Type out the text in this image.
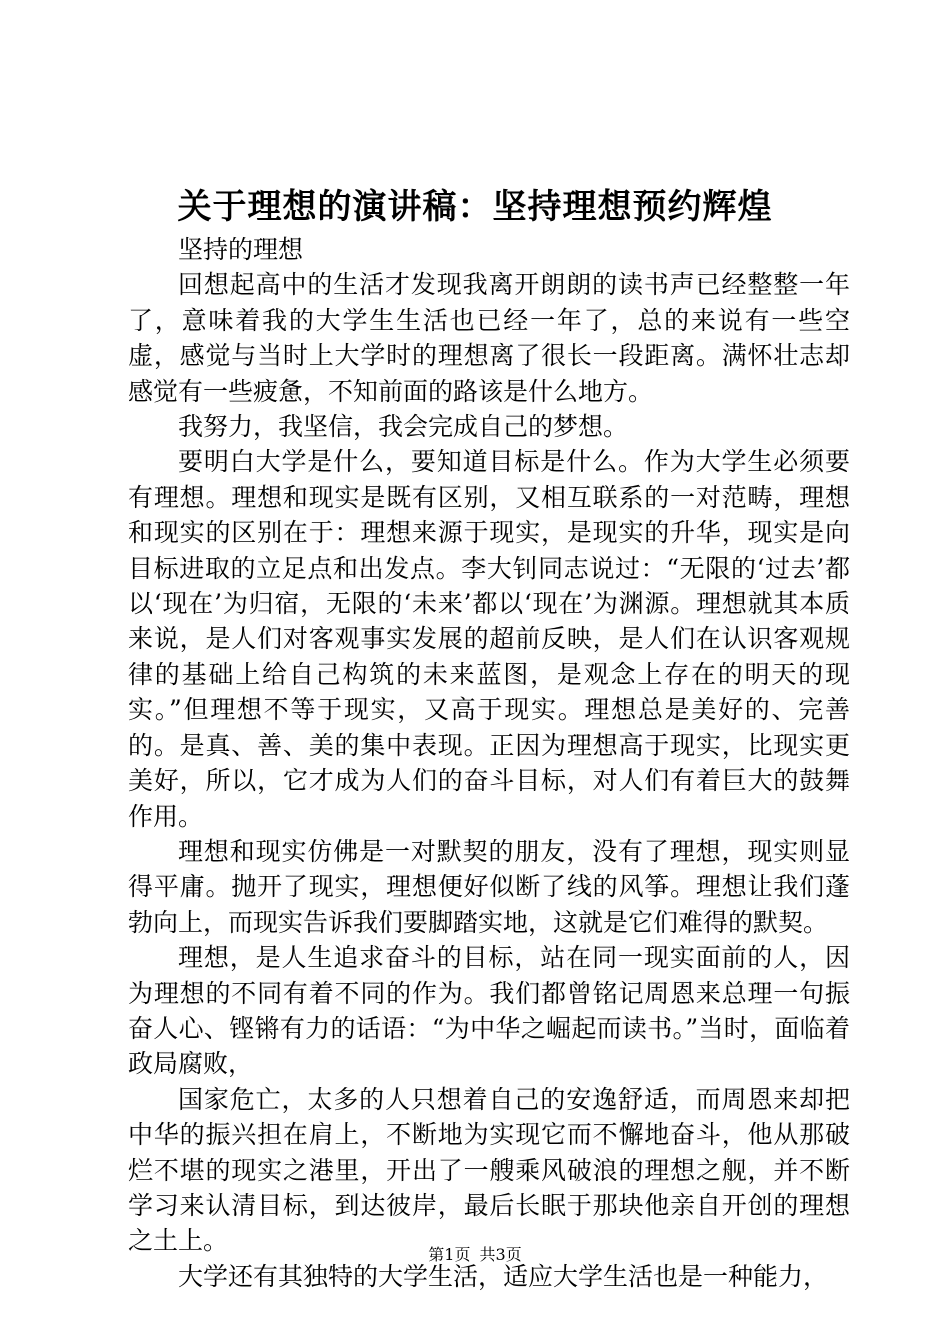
关于理想的演讲稿：坚持理想预约辉煌

坚持的理想

回想起高中的生活才发现我离开朗朗的读书声已经整整一年了，意味着我的大学生生活也已经一年了，总的来说有一些空虚，感觉与当时上大学时的理想离了很长一段距离。满怀壮志却感觉有一些疲惫，不知前面的路该是什么地方。

我努力，我坚信，我会完成自己的梦想。

要明白大学是什么，要知道目标是什么。作为大学生必须要有理想。理想和现实是既有区别，又相互联系的一对范畴，理想和现实的区别在于：理想来源于现实，是现实的升华，现实是向目标进取的立足点和出发点。李大钊同志说过：“无限的‘过去’都以‘现在’为归宿，无限的‘未来’都以‘现在’为渊源。理想就其本质来说，是人们对客观事实发展的超前反映，是人们在认识客观规律的基础上给自己构筑的未来蓝图，是观念上存在的明天的现实。”但理想不等于现实，又高于现实。理想总是美好的、完善的。是真、善、美的集中表现。正因为理想高于现实，比现实更美好，所以，它才成为人们的奋斗目标，对人们有着巨大的鼓舞作用。

理想和现实仿佛是一对默契的朋友，没有了理想，现实则显得平庸。抛开了现实，理想便好似断了线的风筝。理想让我们蓬勃向上，而现实告诉我们要脚踏实地，这就是它们难得的默契。

理想，是人生追求奋斗的目标，站在同一现实面前的人，因为理想的不同有着不同的作为。我们都曾铭记周恩来总理一句振奋人心、铿锵有力的话语：“为中华之崛起而读书。”当时，面临着政局腐败，

国家危亡，太多的人只想着自己的安逸舒适，而周恩来却把中华的振兴担在肩上，不断地为实现它而不懈地奋斗，他从那破烂不堪的现实之港里，开出了一艘乘风破浪的理想之舰，并不断学习来认清目标，到达彼岸，最后长眠于那块他亲自开创的理想之土上。

大学还有其独特的大学生活，适应大学生活也是一种能力，

第1页 共3页
